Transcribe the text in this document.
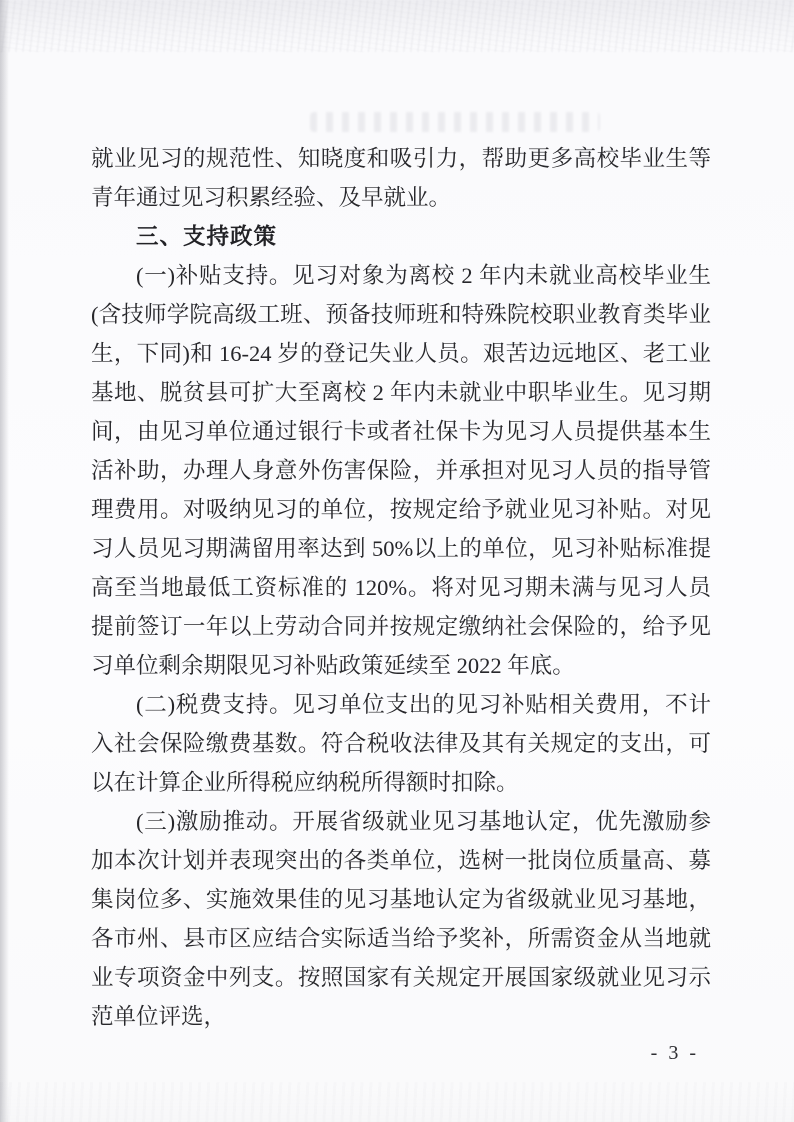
就业见习的规范性、知晓度和吸引力，帮助更多高校毕业生等青年通过见习积累经验、及早就业。

三、支持政策

(一)补贴支持。见习对象为离校 2 年内未就业高校毕业生(含技师学院高级工班、预备技师班和特殊院校职业教育类毕业生，下同)和 16-24 岁的登记失业人员。艰苦边远地区、老工业基地、脱贫县可扩大至离校 2 年内未就业中职毕业生。见习期间，由见习单位通过银行卡或者社保卡为见习人员提供基本生活补助，办理人身意外伤害保险，并承担对见习人员的指导管理费用。对吸纳见习的单位，按规定给予就业见习补贴。对见习人员见习期满留用率达到 50%以上的单位，见习补贴标准提高至当地最低工资标准的 120%。将对见习期未满与见习人员提前签订一年以上劳动合同并按规定缴纳社会保险的，给予见习单位剩余期限见习补贴政策延续至 2022 年底。

(二)税费支持。见习单位支出的见习补贴相关费用，不计入社会保险缴费基数。符合税收法律及其有关规定的支出，可以在计算企业所得税应纳税所得额时扣除。

(三)激励推动。开展省级就业见习基地认定，优先激励参加本次计划并表现突出的各类单位，选树一批岗位质量高、募集岗位多、实施效果佳的见习基地认定为省级就业见习基地，各市州、县市区应结合实际适当给予奖补，所需资金从当地就业专项资金中列支。按照国家有关规定开展国家级就业见习示范单位评选，

- 3 -
